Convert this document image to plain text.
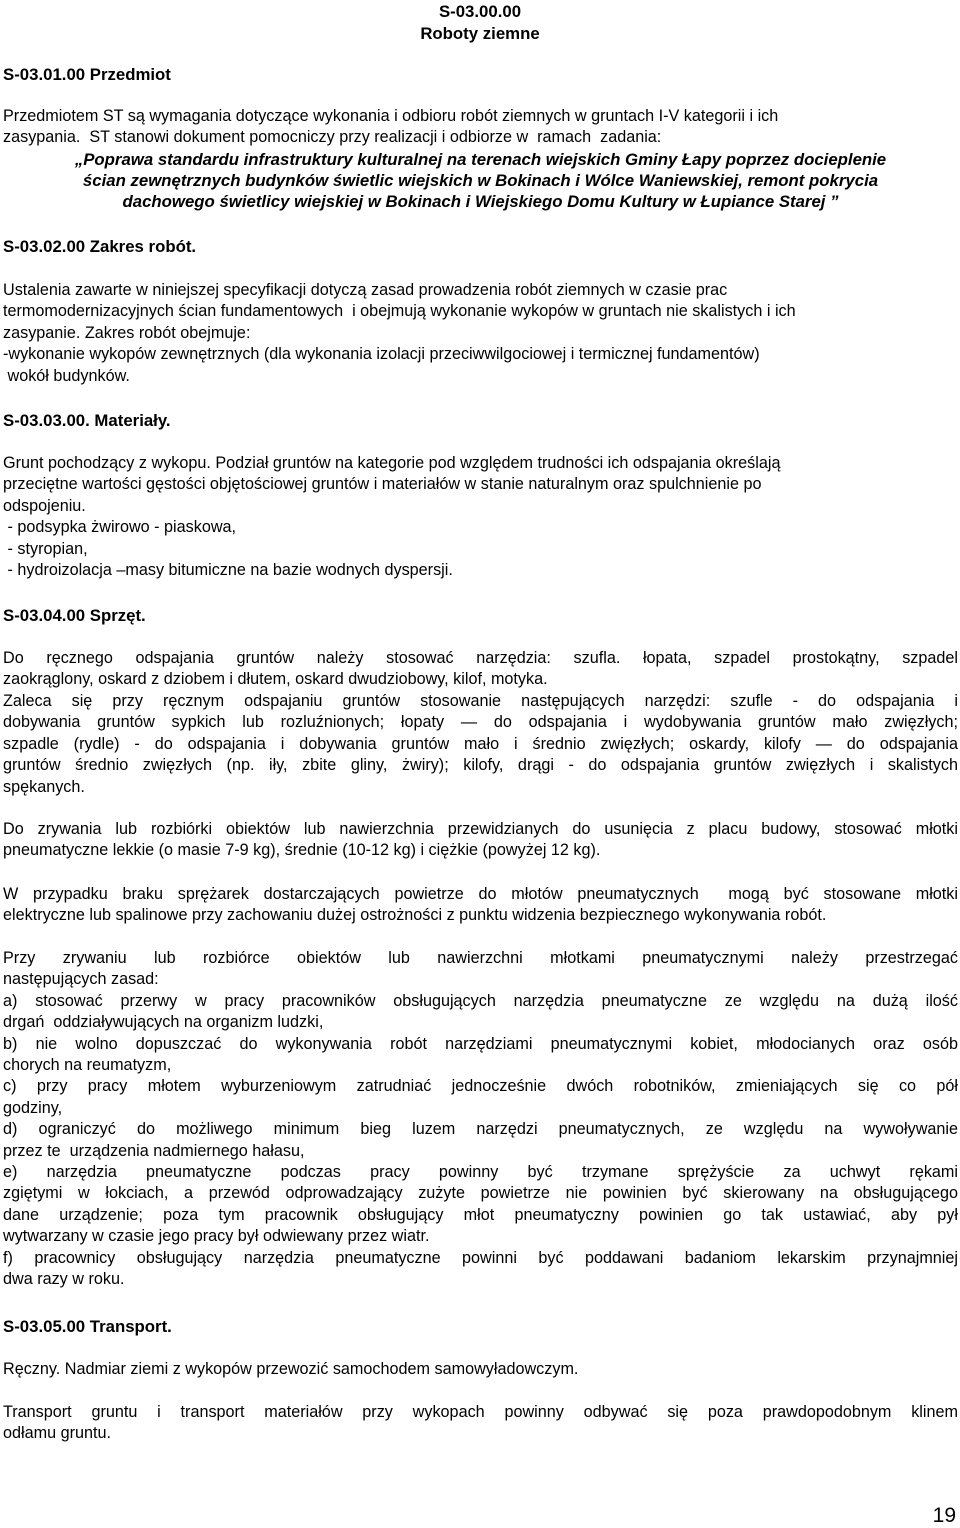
S-03.00.00
Roboty ziemne
S-03.01.00 Przedmiot

Przedmiotem ST są wymagania dotyczące wykonania i odbioru robót ziemnych w gruntach I-V kategorii i ich

zasypania.  ST stanowi dokument pomocniczy przy realizacji i odbiorze w  ramach  zadania:

„Poprawa standardu infrastruktury kulturalnej na terenach wiejskich Gminy Łapy poprzez docieplenie

ścian zewnętrznych budynków świetlic wiejskich w Bokinach i Wólce Waniewskiej, remont pokrycia

dachowego świetlicy wiejskiej w Bokinach i Wiejskiego Domu Kultury w Łupiance Starej ”

S-03.02.00 Zakres robót.

Ustalenia zawarte w niniejszej specyfikacji dotyczą zasad prowadzenia robót ziemnych w czasie prac

termomodernizacyjnych ścian fundamentowych  i obejmują wykonanie wykopów w gruntach nie skalistych i ich

zasypanie. Zakres robót obejmuje:

-wykonanie wykopów zewnętrznych (dla wykonania izolacji przeciwwilgociowej i termicznej fundamentów)

wokół budynków.

S-03.03.00. Materiały.

Grunt pochodzący z wykopu. Podział gruntów na kategorie pod względem trudności ich odspajania określają

przeciętne wartości gęstości objętościowej gruntów i materiałów w stanie naturalnym oraz spulchnienie po

odspojeniu.

- podsypka żwirowo - piaskowa,

- styropian,

- hydroizolacja –masy bitumiczne na bazie wodnych dyspersji.

S-03.04.00 Sprzęt.

Do ręcznego odspajania gruntów należy stosować narzędzia: szufla. łopata, szpadel prostokątny, szpadel

zaokrąglony, oskard z dziobem i dłutem, oskard dwudziobowy, kilof, motyka.

Zaleca się przy ręcznym odspajaniu gruntów stosowanie następujących narzędzi: szufle - do odspajania i

dobywania gruntów sypkich lub rozluźnionych; łopaty — do odspajania i wydobywania gruntów mało zwięzłych;

szpadle (rydle) - do odspajania i dobywania gruntów mało i średnio zwięzłych; oskardy, kilofy — do odspajania

gruntów średnio zwięzłych (np. iły, zbite gliny, żwiry); kilofy, drągi - do odspajania gruntów zwięzłych i skalistych

spękanych.

Do zrywania lub rozbiórki obiektów lub nawierzchnia przewidzianych do usunięcia z placu budowy, stosować młotki

pneumatyczne lekkie (o masie 7-9 kg), średnie (10-12 kg) i ciężkie (powyżej 12 kg).

W przypadku braku sprężarek dostarczających powietrze do młotów pneumatycznych  mogą być stosowane młotki

elektryczne lub spalinowe przy zachowaniu dużej ostrożności z punktu widzenia bezpiecznego wykonywania robót.

Przy zrywaniu lub rozbiórce obiektów lub nawierzchni młotkami pneumatycznymi należy przestrzegać

następujących zasad:

a) stosować przerwy w pracy pracowników obsługujących narzędzia pneumatyczne ze względu na dużą ilość

drgań  oddziaływujących na organizm ludzki,

b) nie wolno dopuszczać do wykonywania robót narzędziami pneumatycznymi kobiet, młodocianych oraz osób

chorych na reumatyzm,

c) przy pracy młotem wyburzeniowym zatrudniać jednocześnie dwóch robotników, zmieniających się co pół

godziny,

d) ograniczyć do możliwego minimum bieg luzem narzędzi pneumatycznych, ze względu na wywoływanie

przez te  urządzenia nadmiernego hałasu,

e) narzędzia pneumatyczne podczas pracy powinny być trzymane sprężyście za uchwyt rękami

zgiętymi w łokciach, a przewód odprowadzający zużyte powietrze nie powinien być skierowany na obsługującego

dane urządzenie; poza tym pracownik obsługujący młot pneumatyczny powinien go tak ustawiać, aby pył

wytwarzany w czasie jego pracy był odwiewany przez wiatr.

f) pracownicy obsługujący narzędzia pneumatyczne powinni być poddawani badaniom lekarskim przynajmniej

dwa razy w roku.

S-03.05.00 Transport.

Ręczny. Nadmiar ziemi z wykopów przewozić samochodem samowyładowczym.

Transport gruntu i transport materiałów przy wykopach powinny odbywać się poza prawdopodobnym klinem

odłamu gruntu.

19
